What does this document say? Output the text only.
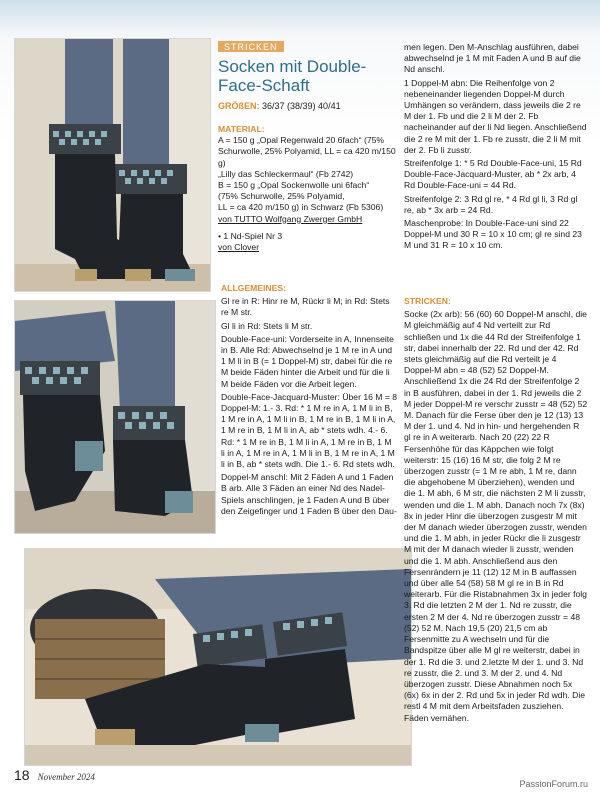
STRICKEN
Socken mit Double-Face-Schaft
GRÖßEN: 36/37 (38/39) 40/41

MATERIAL:

A = 150 g „Opal Regenwald 20 6fach“ (75% Schurwolle, 25% Polyamid, LL = ca 420 m/150 g)

„Lilly das Schleckermaul“ (Fb 2742)

B = 150 g „Opal Sockenwolle uni 6fach“

(75% Schurwolle, 25% Polyamid,

LL = ca 420 m/150 g) in Schwarz (Fb 5306)

von TUTTO Wolfgang Zwerger GmbH

• 1 Nd-Spiel Nr 3

von Clover

ALLGEMEINES:

Gl re in R: Hinr re M, Rückr li M; in Rd: Stets re M str.

Gl li in Rd: Stets li M str.

Double-Face-uni: Vorderseite in A, Innenseite in B. Alle Rd: Abwechselnd je 1 M re in A und 1 M li in B (= 1 Doppel-M) str, dabei für die re M beide Fäden hinter die Arbeit und für die li M beide Fäden vor die Arbeit legen.

Double-Face-Jacquard-Muster: Über 16 M = 8 Doppel-M: 1.- 3. Rd: * 1 M re in A, 1 M li in B, 1 M re in A, 1 M li in B, 1 M re in B, 1 M li in A, 1 M re in B, 1 M li in A, ab * stets wdh. 4.- 6. Rd: * 1 M re in B, 1 M li in A, 1 M re in B, 1 M li in A, 1 M re in A, 1 M li in B, 1 M re in A, 1 M li in B, ab * stets wdh. Die 1.- 6. Rd stets wdh.

Doppel-M anschl: Mit 2 Fäden A und 1 Faden B arb. Alle 3 Fäden an einer Nd des Nadel-Spiels anschlingen, je 1 Faden A und B über den Zeigefinger und 1 Faden B über den Dau-

men legen. Den M-Anschlag ausführen, dabei abwechselnd je 1 M mit Faden A und B auf die Nd anschl.

1 Doppel-M abn: Die Reihenfolge von 2 nebeneinander liegenden Doppel-M durch Umhängen so verändern, dass jeweils die 2 re M der 1. Fb und die 2 li M der 2. Fb nacheinander auf der li Nd liegen. Anschließend die 2 re M mit der 1. Fb re zusstr, die 2 li M mit der 2. Fb li zusstr.

Streifenfolge 1: * 5 Rd Double-Face-uni, 15 Rd Double-Face-Jacquard-Muster, ab * 2x arb, 4 Rd Double-Face-uni = 44 Rd.

Streifenfolge 2: 3 Rd gl re, * 4 Rd gl li, 3 Rd gl re, ab * 3x arb = 24 Rd.

Maschenprobe: In Double-Face-uni sind 22 Doppel-M und 30 R = 10 x 10 cm; gl re sind 23 M und 31 R = 10 x 10 cm.

STRICKEN:

Socke (2x arb): 56 (60) 60 Doppel-M anschl, die M gleichmäßig auf 4 Nd verteilt zur Rd schließen und 1x die 44 Rd der Streifenfolge 1 str, dabei innerhalb der 22. Rd und der 42. Rd stets gleichmäßig auf die Rd verteilt je 4 Doppel-M abn = 48 (52) 52 Doppel-M. Anschließend 1x die 24 Rd der Streifenfolge 2 in B ausführen, dabei in der 1. Rd jeweils die 2 M jeder Doppel-M re verschr zusstr = 48 (52) 52 M. Danach für die Ferse über den je 12 (13) 13 M der 1. und 4. Nd in hin- und hergehenden R gl re in A weiterarb. Nach 20 (22) 22 R Fersenhöhe für das Käppchen wie folgt weiterstr: 15 (16) 16 M str, die folg 2 M re überzogen zusstr (= 1 M re abh, 1 M re, dann die abgehobene M überziehen), wenden und die 1. M abh, 6 M str, die nächsten 2 M li zusstr, wenden und die 1. M abh. Danach noch 7x (8x) 8x in jeder Hinr die überzogen zusgestr M mit der M danach wieder überzogen zusstr, wenden und die 1. M abh, in jeder Rückr die li zusgestr M mit der M danach wieder li zusstr, wenden und die 1. M abh. Anschließend aus den Fersenrändern je 11 (12) 12 M in B auffassen und über alle 54 (58) 58 M gl re in B in Rd weiterarb. Für die Ristabnahmen 3x in jeder folg 3. Rd die letzten 2 M der 1. Nd re zusstr, die ersten 2 M der 4. Nd re überzogen zusstr = 48 (52) 52 M. Nach 19,5 (20) 21,5 cm ab Fersenmitte zu A wechseln und für die Bandspitze über alle M gl re weiterstr, dabei in der 1. Rd die 3. und 2.letzte M der 1. und 3. Nd re zusstr, die 2. und 3. M der 2. und 4. Nd überzogen zusstr. Diese Abnahmen noch 5x (6x) 6x in der 2. Rd und 5x in jeder Rd wdh. Die restl 4 M mit dem Arbeitsfaden zusziehen. Fäden vernähen.

18 November 2024
PassionForum.ru
